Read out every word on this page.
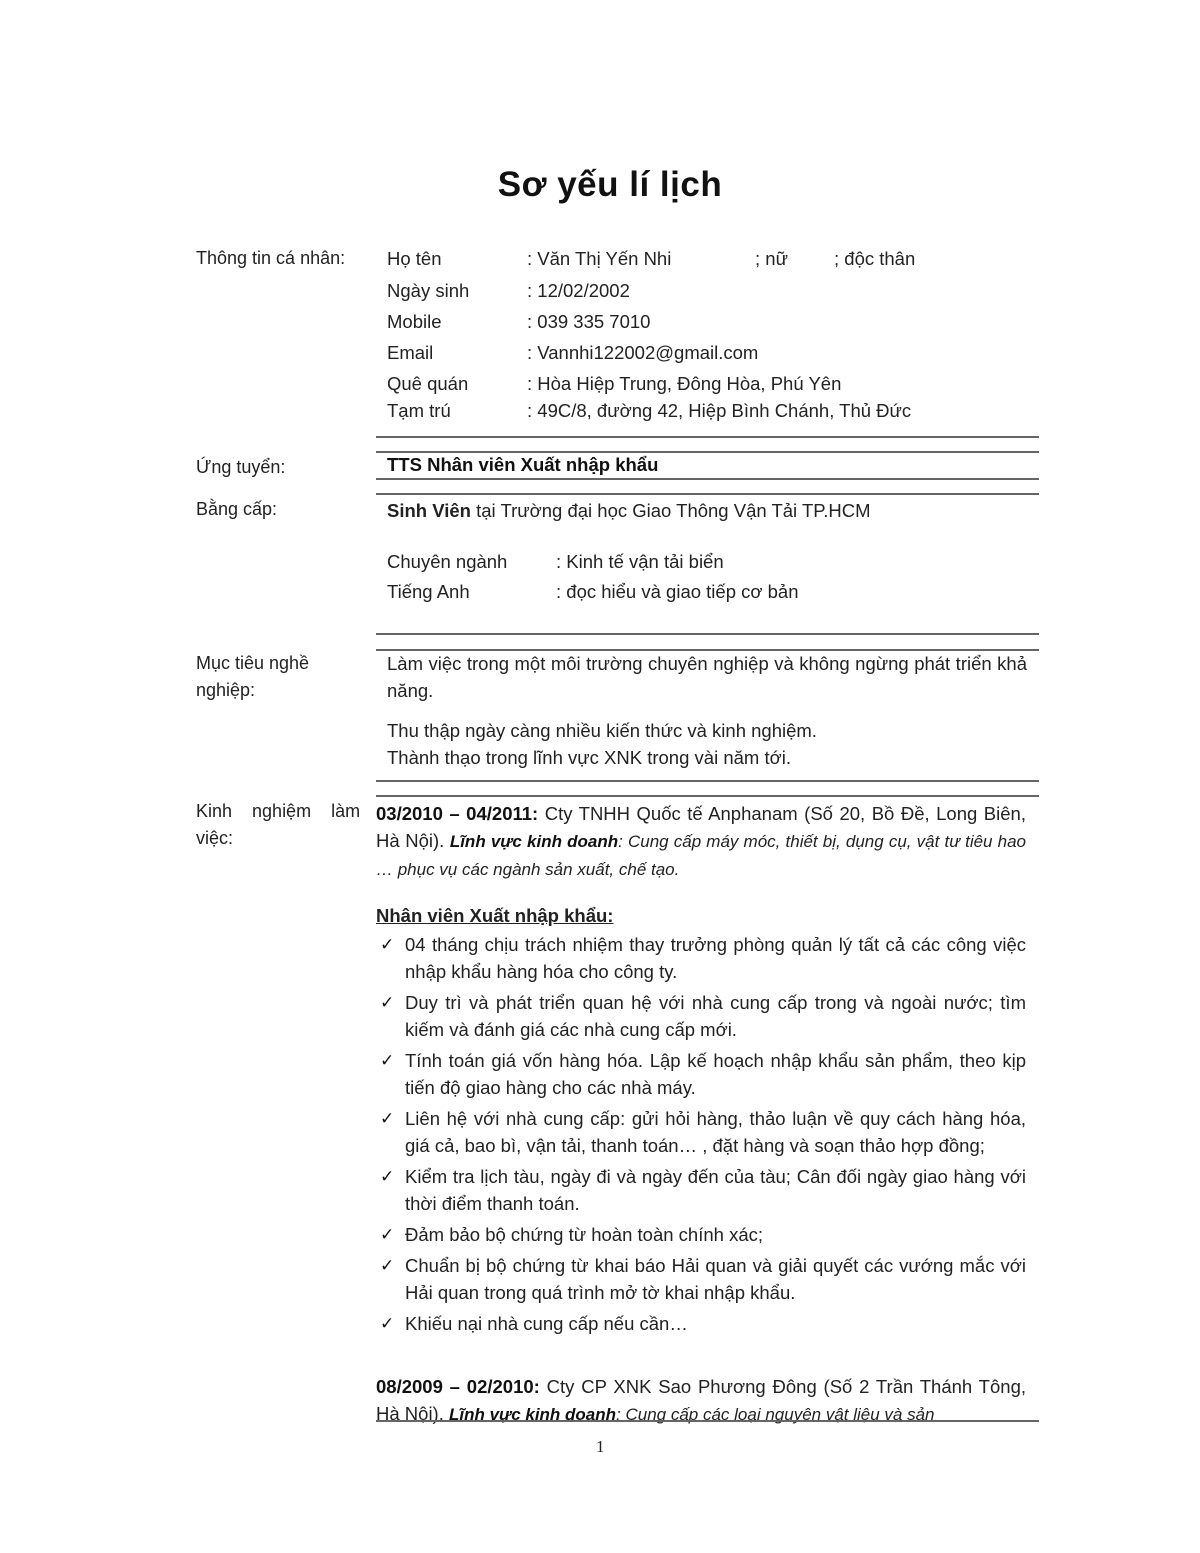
Sơ yếu lí lịch
Thông tin cá nhân: Họ tên	: Văn Thị Yến Nhi	; nữ ; độc thân
Ngày sinh	: 12/02/2002
Mobile	: 039 335 7010
Email	: Vannhi122002@gmail.com
Quê quán	: Hòa Hiệp Trung, Đông Hòa, Phú Yên
Tạm trú	: 49C/8, đường 42, Hiệp Bình Chánh, Thủ Đức
Ứng tuyển:	TTS Nhân viên Xuất nhập khẩu
Bằng cấp:	Sinh Viên tại Trường đại học Giao Thông Vận Tải TP.HCM
Chuyên ngành	: Kinh tế vận tải biển
Tiếng Anh	: đọc hiểu và giao tiếp cơ bản
Mục tiêu nghề
nghiệp:
Làm việc trong một môi trường chuyên nghiệp và không ngừng phát triển khả năng.
Thu thập ngày càng nhiều kiến thức và kinh nghiệm.
Thành thạo trong lĩnh vực XNK trong vài năm tới.
Kinh    nghiệm    làm
việc:
03/2010 – 04/2011: Cty TNHH Quốc tế Anphanam (Số 20, Bồ Đề, Long Biên, Hà Nội). Lĩnh vực kinh doanh: Cung cấp máy móc, thiết bị, dụng cụ, vật tư tiêu hao … phục vụ các ngành sản xuất, chế tạo.
Nhân viên Xuất nhập khẩu:
✓ 04 tháng chịu trách nhiệm thay trưởng phòng quản lý tất cả các công việc nhập khẩu hàng hóa cho công ty.
✓ Duy trì và phát triển quan hệ với nhà cung cấp trong và ngoài nước; tìm kiếm và đánh giá các nhà cung cấp mới.
✓ Tính toán giá vốn hàng hóa. Lập kế hoạch nhập khẩu sản phẩm, theo kịp tiến độ giao hàng cho các nhà máy.
✓ Liên hệ với nhà cung cấp: gửi hỏi hàng, thảo luận về quy cách hàng hóa, giá cả, bao bì, vận tải, thanh toán… , đặt hàng và soạn thảo hợp đồng;
✓ Kiểm tra lịch tàu, ngày đi và ngày đến của tàu; Cân đối ngày giao hàng với thời điểm thanh toán.
✓ Đảm bảo bộ chứng từ hoàn toàn chính xác;
✓ Chuẩn bị bộ chứng từ khai báo Hải quan và giải quyết các vướng mắc với Hải quan trong quá trình mở tờ khai nhập khẩu.
✓ Khiếu nại nhà cung cấp nếu cần…
08/2009 – 02/2010: Cty CP XNK Sao Phương Đông (Số 2 Trần Thánh Tông, Hà Nội). Lĩnh vực kinh doanh: Cung cấp các loại nguyên vật liệu và sản
1
